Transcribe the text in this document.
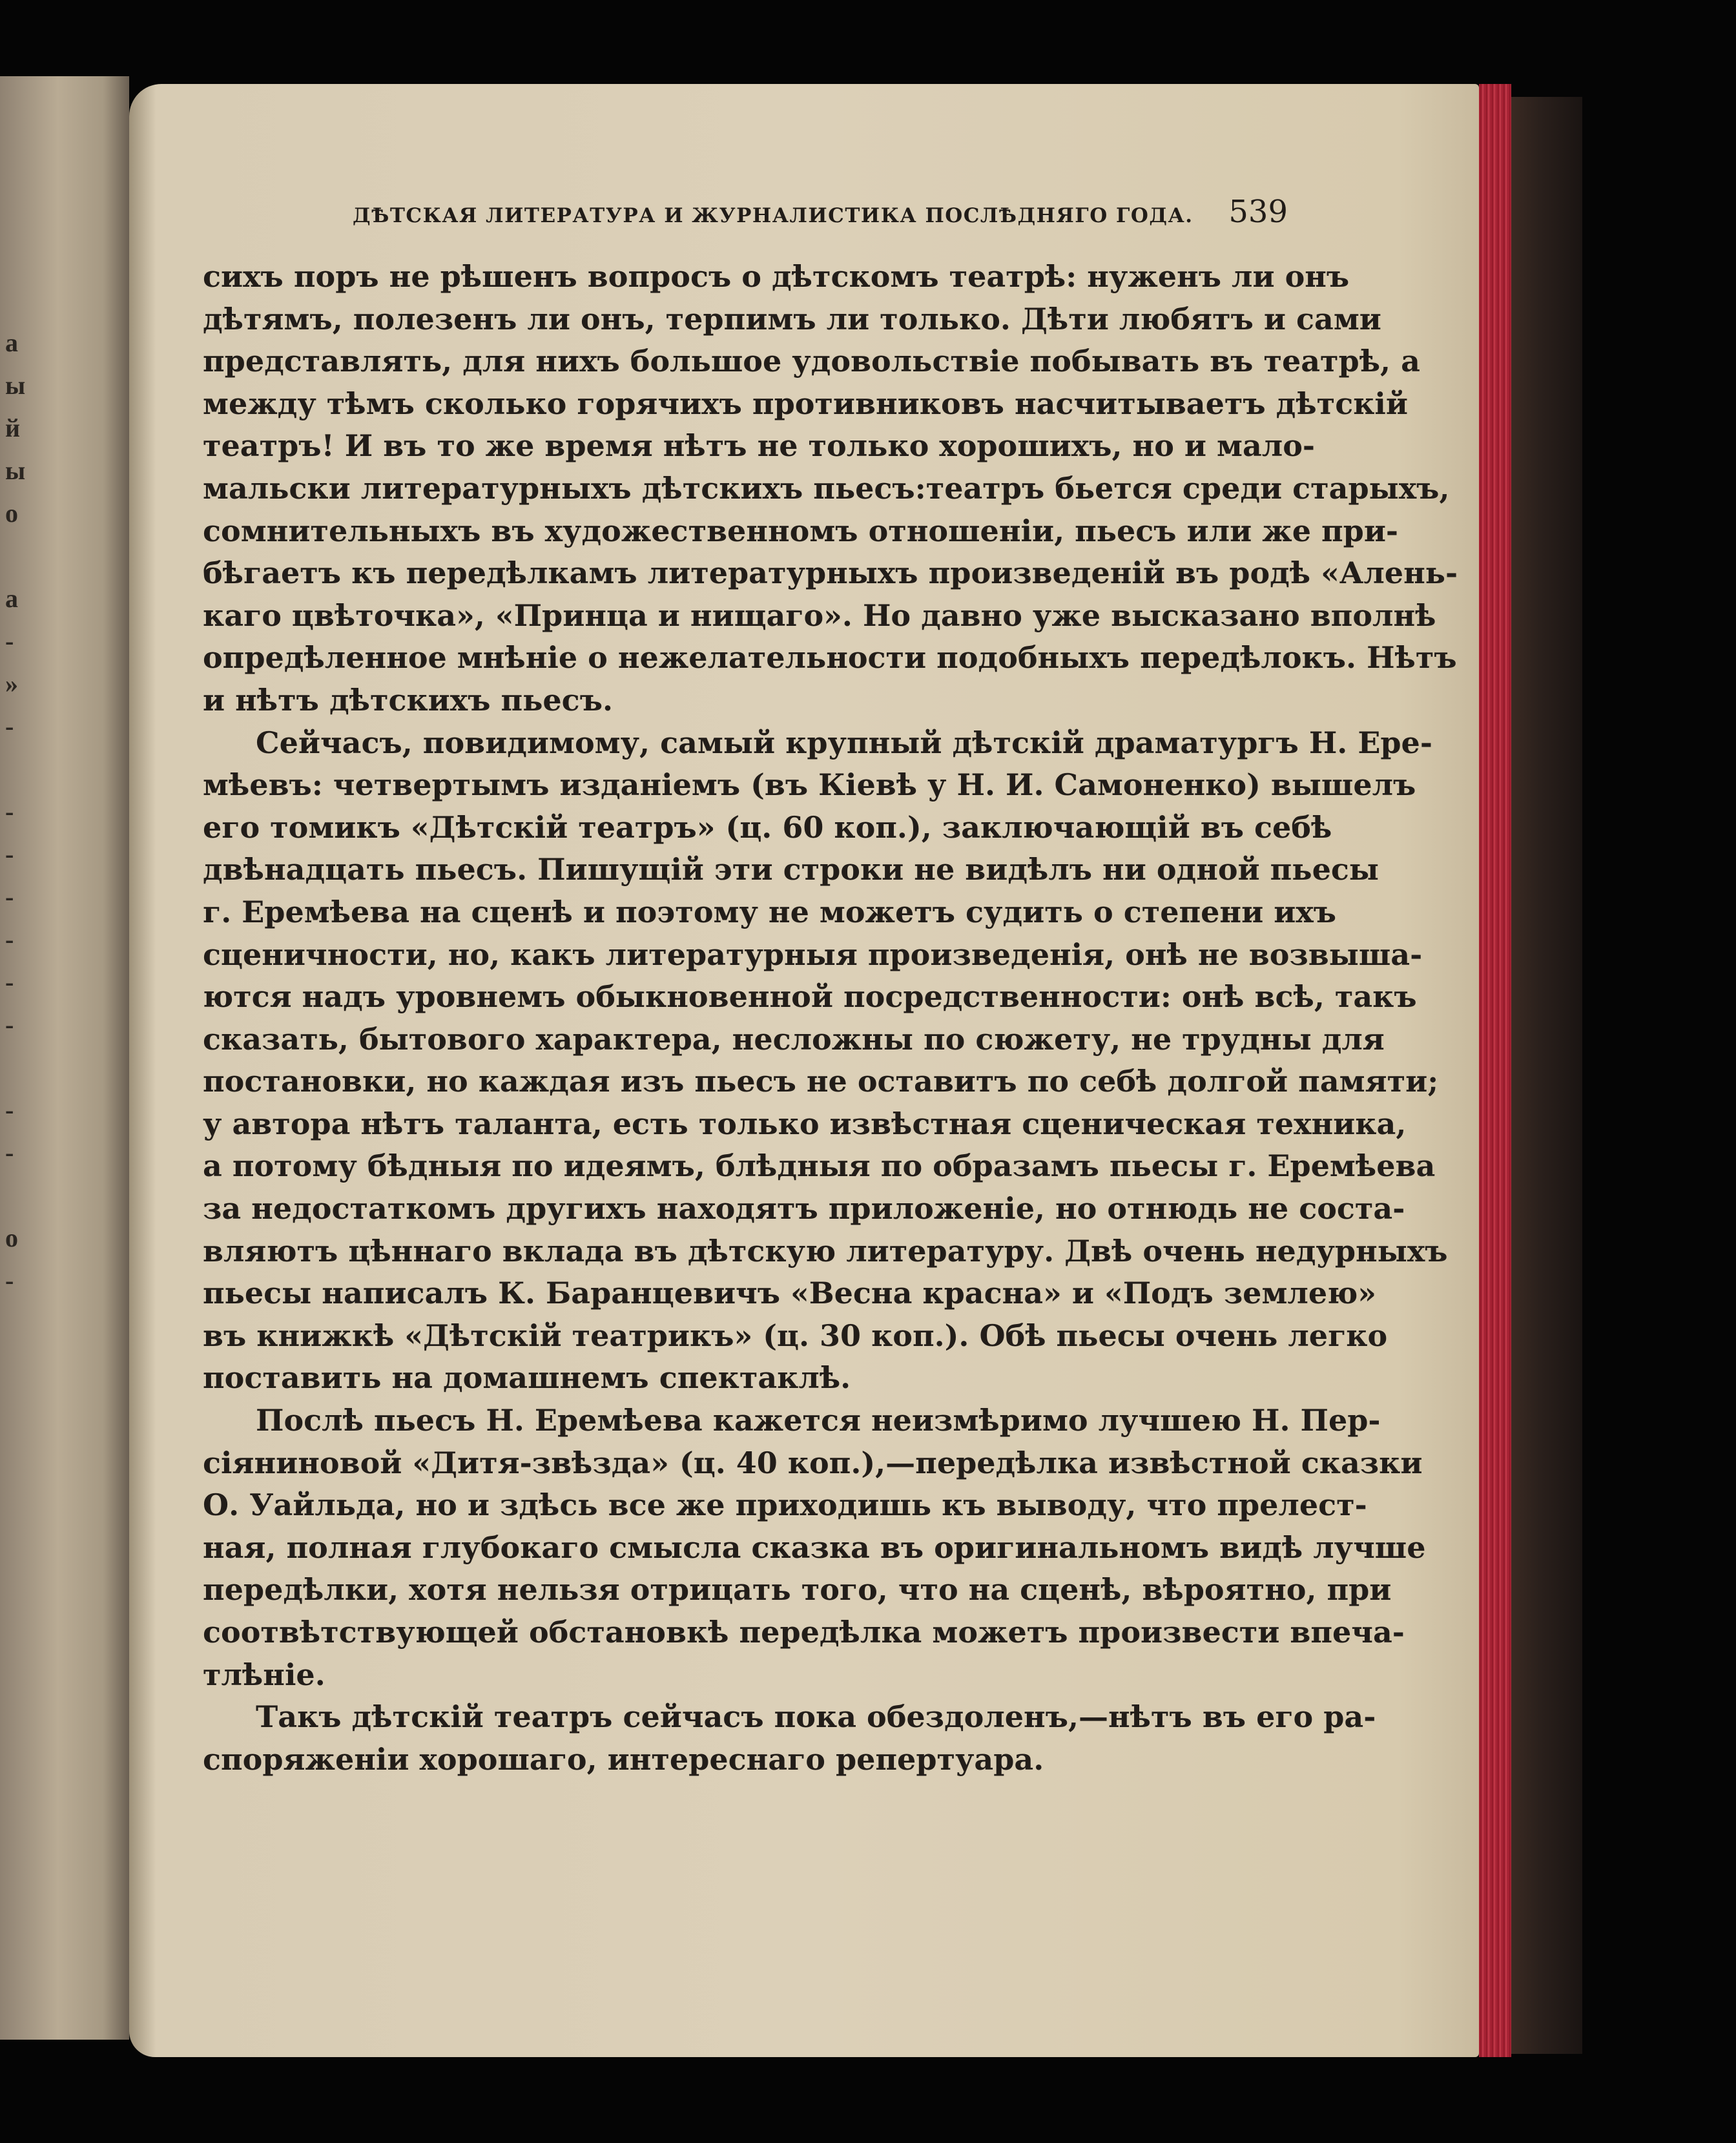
а
ы
й
ы
о
а
-
»
-
-
-
-
-
-
-
-
-
о
-
ДѢТСКАЯ ЛИТЕРАТУРА И ЖУРНАЛИСТИКА ПОСЛѢДНЯГО ГОДА. 539
сихъ поръ не рѣшенъ вопросъ о дѣтскомъ театрѣ: нуженъ ли онъ
дѣтямъ, полезенъ ли онъ, терпимъ ли только. Дѣти любятъ и сами
представлять, для нихъ большое удовольствіе побывать въ театрѣ, а
между тѣмъ сколько горячихъ противниковъ насчитываетъ дѣтскій
театръ! И въ то же время нѣтъ не только хорошихъ, но и мало-
мальски литературныхъ дѣтскихъ пьесъ:театръ бьется среди старыхъ,
сомнительныхъ въ художественномъ отношеніи, пьесъ или же при-
бѣгаетъ къ передѣлкамъ литературныхъ произведеній въ родѣ «Алень-
каго цвѣточка», «Принца и нищаго». Но давно уже высказано вполнѣ
опредѣленное мнѣніе о нежелательности подобныхъ передѣлокъ. Нѣтъ
и нѣтъ дѣтскихъ пьесъ.
Сейчасъ, повидимому, самый крупный дѣтскій драматургъ Н. Ере-
мѣевъ: четвертымъ изданіемъ (въ Кіевѣ у Н. И. Самоненко) вышелъ
его томикъ «Дѣтскій театръ» (ц. 60 коп.), заключающій въ себѣ
двѣнадцать пьесъ. Пишущій эти строки не видѣлъ ни одной пьесы
г. Еремѣева на сценѣ и поэтому не можетъ судить о степени ихъ
сценичности, но, какъ литературныя произведенія, онѣ не возвыша-
ются надъ уровнемъ обыкновенной посредственности: онѣ всѣ, такъ
сказать, бытового характера, несложны по сюжету, не трудны для
постановки, но каждая изъ пьесъ не оставитъ по себѣ долгой памяти;
у автора нѣтъ таланта, есть только извѣстная сценическая техника,
а потому бѣдныя по идеямъ, блѣдныя по образамъ пьесы г. Еремѣева
за недостаткомъ другихъ находятъ приложеніе, но отнюдь не соста-
вляютъ цѣннаго вклада въ дѣтскую литературу. Двѣ очень недурныхъ
пьесы написалъ К. Баранцевичъ «Весна красна» и «Подъ землею»
въ книжкѣ «Дѣтскій театрикъ» (ц. 30 коп.). Обѣ пьесы очень легко
поставить на домашнемъ спектаклѣ.
Послѣ пьесъ Н. Еремѣева кажется неизмѣримо лучшею Н. Пер-
сіяниновой «Дитя-звѣзда» (ц. 40 коп.),—передѣлка извѣстной сказки
О. Уайльда, но и здѣсь все же приходишь къ выводу, что прелест-
ная, полная глубокаго смысла сказка въ оригинальномъ видѣ лучше
передѣлки, хотя нельзя отрицать того, что на сценѣ, вѣроятно, при
соотвѣтствующей обстановкѣ передѣлка можетъ произвести впеча-
тлѣніе.
Такъ дѣтскій театръ сейчасъ пока обездоленъ,—нѣтъ въ его ра-
споряженіи хорошаго, интереснаго репертуара.
